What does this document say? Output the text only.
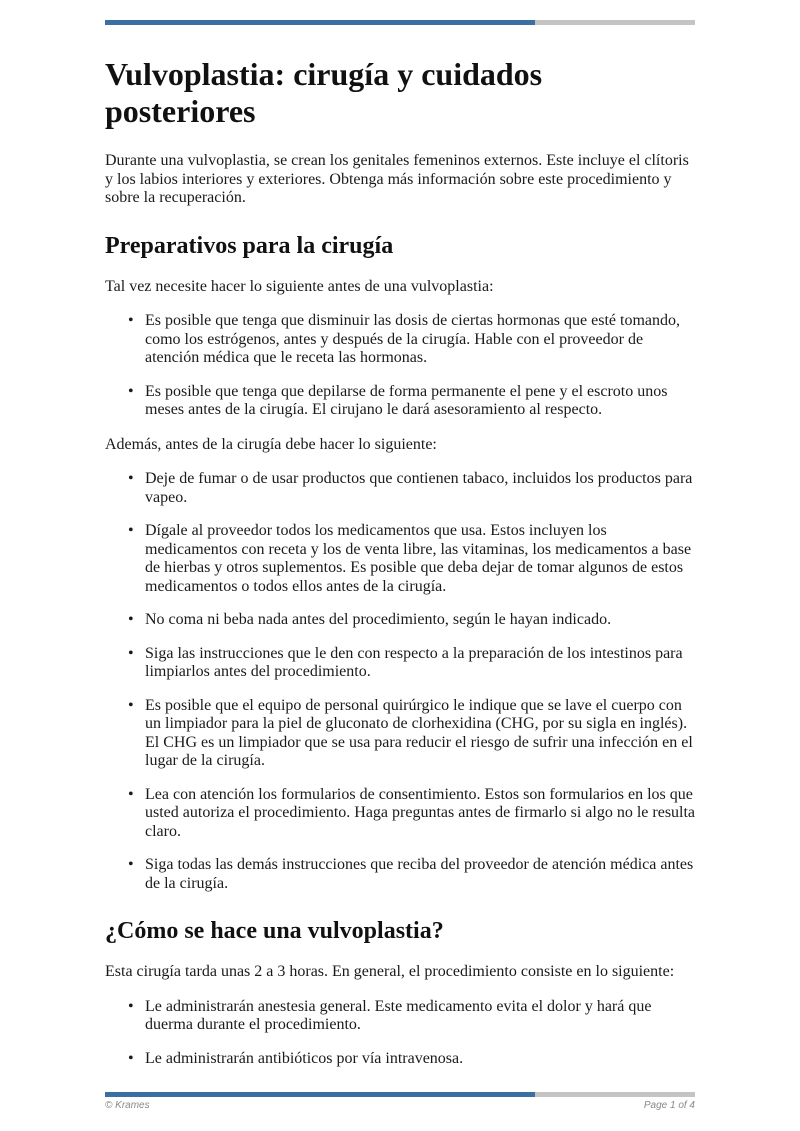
Vulvoplastia: cirugía y cuidados posteriores

Durante una vulvoplastia, se crean los genitales femeninos externos. Este incluye el clítoris y los labios interiores y exteriores. Obtenga más información sobre este procedimiento y sobre la recuperación.

Preparativos para la cirugía

Tal vez necesite hacer lo siguiente antes de una vulvoplastia:

• Es posible que tenga que disminuir las dosis de ciertas hormonas que esté tomando, como los estrógenos, antes y después de la cirugía. Hable con el proveedor de atención médica que le receta las hormonas.
• Es posible que tenga que depilarse de forma permanente el pene y el escroto unos meses antes de la cirugía. El cirujano le dará asesoramiento al respecto.

Además, antes de la cirugía debe hacer lo siguiente:

• Deje de fumar o de usar productos que contienen tabaco, incluidos los productos para vapeo.
• Dígale al proveedor todos los medicamentos que usa. Estos incluyen los medicamentos con receta y los de venta libre, las vitaminas, los medicamentos a base de hierbas y otros suplementos. Es posible que deba dejar de tomar algunos de estos medicamentos o todos ellos antes de la cirugía.
• No coma ni beba nada antes del procedimiento, según le hayan indicado.
• Siga las instrucciones que le den con respecto a la preparación de los intestinos para limpiarlos antes del procedimiento.
• Es posible que el equipo de personal quirúrgico le indique que se lave el cuerpo con un limpiador para la piel de gluconato de clorhexidina (CHG, por su sigla en inglés). El CHG es un limpiador que se usa para reducir el riesgo de sufrir una infección en el lugar de la cirugía.
• Lea con atención los formularios de consentimiento. Estos son formularios en los que usted autoriza el procedimiento. Haga preguntas antes de firmarlo si algo no le resulta claro.
• Siga todas las demás instrucciones que reciba del proveedor de atención médica antes de la cirugía.
¿Cómo se hace una vulvoplastia?

Esta cirugía tarda unas 2 a 3 horas. En general, el procedimiento consiste en lo siguiente:

• Le administrarán anestesia general. Este medicamento evita el dolor y hará que duerma durante el procedimiento.
• Le administrarán antibióticos por vía intravenosa.
© Krames	Page 1 of 4
